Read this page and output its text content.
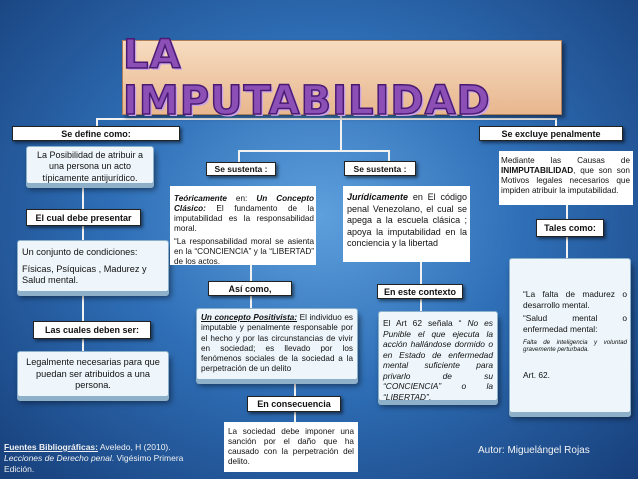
LA IMPUTABILIDAD
Se define como:
La Posibilidad de atribuir a una persona un acto típicamente antijurídico.
El cual debe presentar
Un conjunto de condiciones:
Físicas, Psíquicas , Madurez y Salud mental.
Las cuales deben ser:
Legalmente necesarias para que puedan ser atribuidos a una persona.
Se sustenta :
Teóricamente en: Un Concepto Clásico: El fundamento de la imputabilidad es la responsabilidad moral.
“La responsabilidad moral se asienta en la “CONCIENCIA” y la “LIBERTAD” de los actos.
Así como,
Un concepto Positivista: El individuo es imputable y penalmente responsable por el hecho y por las circunstancias de vivir en sociedad; es llevado por los fenómenos sociales de la sociedad a la perpetración de un delito
En consecuencia
La sociedad debe imponer una sanción por el daño que ha causado con la perpetración del delito.
Se sustenta :
Jurídicamente en El código penal Venezolano, el cual se apega a la escuela clásica ; apoya la imputabilidad en la conciencia y la libertad
En este contexto
El Art 62 señala “ No es Punible el que ejecuta la acción hallándose dormido o en Estado de enfermedad mental suficiente para privarlo de su “CONCIENCIA” o la “LIBERTAD”.
Se excluye penalmente
Mediante las Causas de INIMPUTABILIDAD, que son son Motivos legales necesarios que impiden atribuir la imputabilidad.
Tales como:
“La falta de madurez o desarrollo mental.
“Salud mental o enfermedad mental:
Falta de inteligencia y voluntad gravemente perturbada.
Art. 62.
Fuentes Bibliográficas: Aveledo, H (2010). Lecciones de Derecho penal. Vigésimo Primera Edición.
Autor: Miguelángel Rojas
